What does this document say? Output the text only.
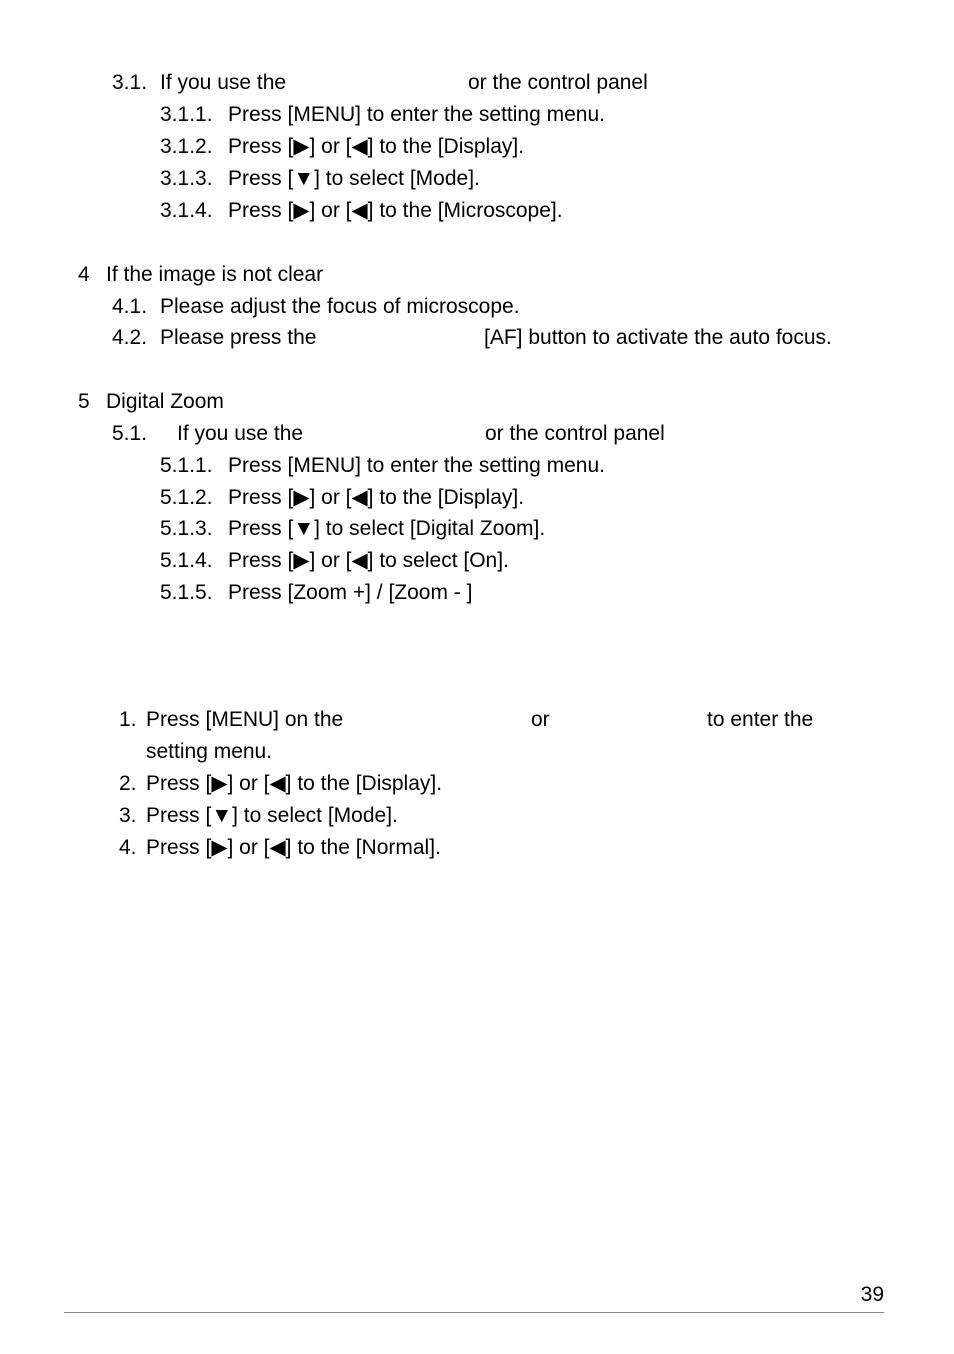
3.1. If you use the	or the control panel
3.1.1. Press [MENU] to enter the setting menu.
3.1.2. Press [▶] or [◀] to the [Display].
3.1.3. Press [▼] to select [Mode].
3.1.4. Press [▶] or [◀] to the [Microscope].
4 If the image is not clear
4.1. Please adjust the focus of microscope.
4.2. Please press the	[AF] button to activate the auto focus.
5 Digital Zoom
5.1. If you use the	or the control panel
5.1.1. Press [MENU] to enter the setting menu.
5.1.2. Press [▶] or [◀] to the [Display].
5.1.3. Press [▼] to select [Digital Zoom].
5.1.4. Press [▶] or [◀] to select [On].
5.1.5. Press [Zoom +] / [Zoom - ]
1. Press [MENU] on the	or	to enter the
setting menu.
2. Press [▶] or [◀] to the [Display].
3. Press [▼] to select [Mode].
4. Press [▶] or [◀] to the [Normal].
39
